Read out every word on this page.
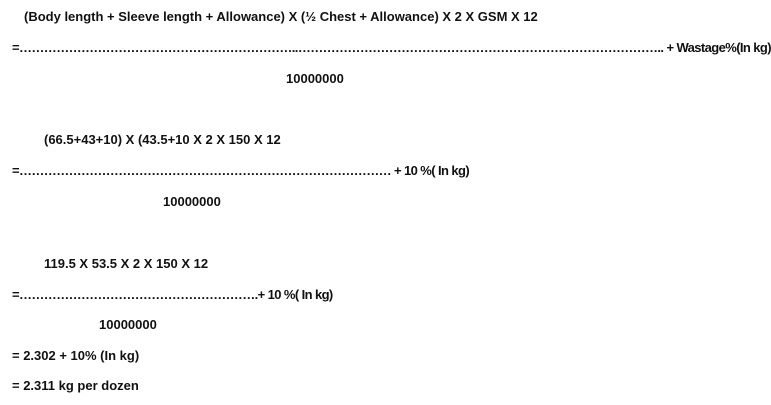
(Body length + Sleeve length + Allowance) X (½ Chest + Allowance) X 2 X GSM X 12
=…………………………………………………………..…………………………………………………………………………….. + Wastage%(In kg)
10000000
(66.5+43+10) X (43.5+10 X 2 X 150 X 12
=……………………………………………………………………………… + 10 %( In kg)
10000000
119.5 X 53.5 X 2 X 150 X 12
=………………………………………………….+ 10 %( In kg)
10000000
= 2.302 + 10% (In kg)
= 2.311 kg per dozen
